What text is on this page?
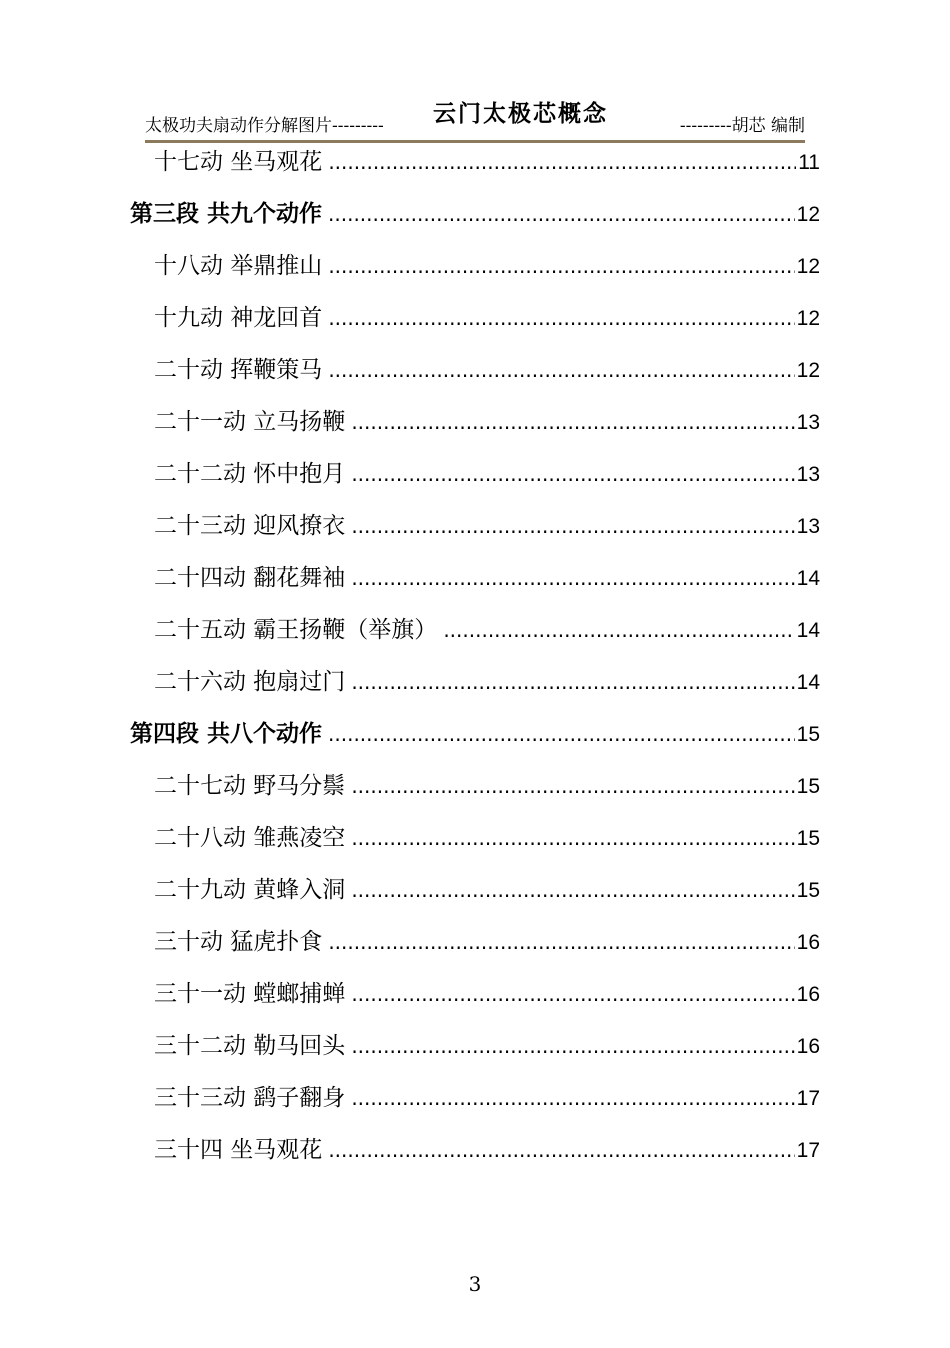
太极功夫扇动作分解图片--------- 云门太极芯概念	---------胡芯 编制
十七动 坐马观花 .....	11
第三段 共九个动作 .....	12
十八动 举鼎推山 .....	12
十九动 神龙回首 .....	12
二十动 挥鞭策马 .....	12
二十一动 立马扬鞭 .....	13
二十二动 怀中抱月 .....	13
二十三动 迎风撩衣 .....	13
二十四动 翻花舞袖 .....	14
二十五动 霸王扬鞭（举旗） .....	14
二十六动 抱扇过门 .....	14
第四段 共八个动作 .....	15
二十七动 野马分鬃 .....	15
二十八动 雏燕凌空 .....	15
二十九动 黄蜂入洞 .....	15
三十动 猛虎扑食 .....	16
三十一动 螳螂捕蝉 .....	16
三十二动 勒马回头 .....	16
三十三动 鹞子翻身 .....	17
三十四 坐马观花 .....	17
3
